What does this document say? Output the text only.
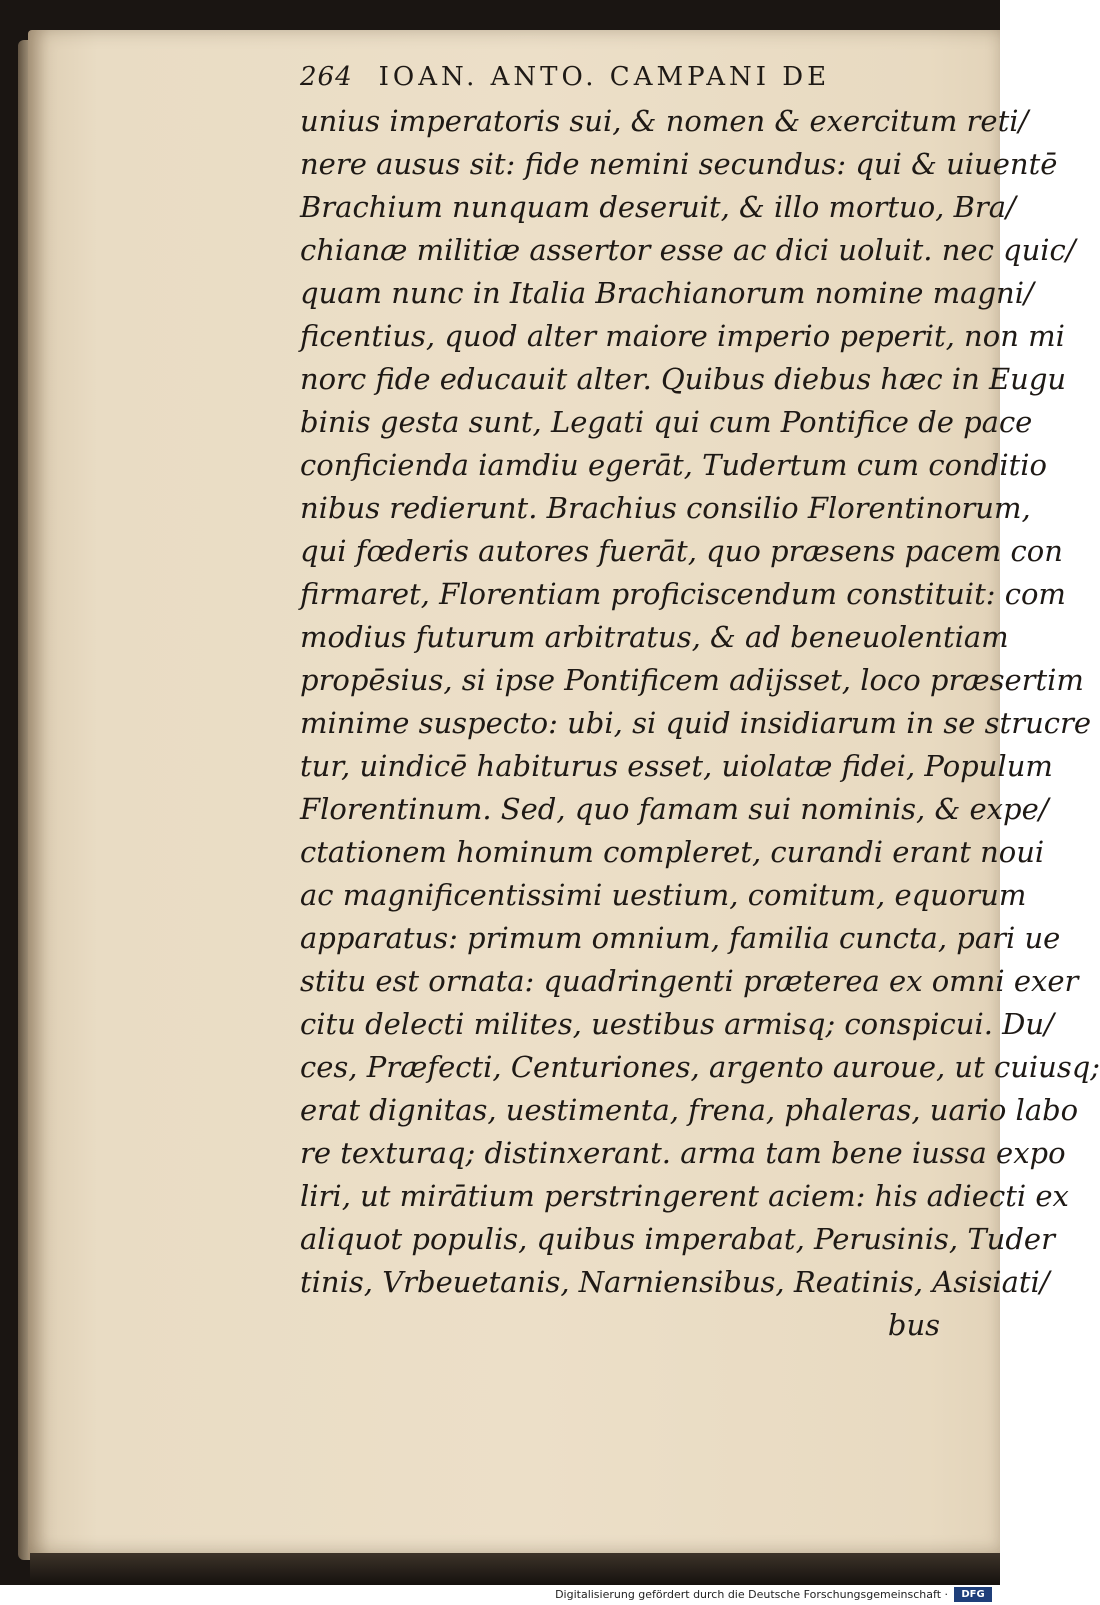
264 IOAN. ANTO. CAMPANI DE
unius imperatoris sui, & nomen & exercitum reti/
nere ausus sit: fide nemini secundus: qui & uiuentē
Brachium nunquam deseruit, & illo mortuo, Bra/
chianæ militiæ assertor esse ac dici uoluit. nec quic/
quam nunc in Italia Brachianorum nomine magni/
ficentius, quod alter maiore imperio peperit, non mi
norc fide educauit alter. Quibus diebus hæc in Eugu
binis gesta sunt, Legati qui cum Pontifice de pace
conficienda iamdiu egerāt, Tudertum cum conditio
nibus redierunt. Brachius consilio Florentinorum,
qui fœderis autores fuerāt, quo præsens pacem con
firmaret, Florentiam proficiscendum constituit: com
modius futurum arbitratus, & ad beneuolentiam
propēsius, si ipse Pontificem adijsset, loco præsertim
minime suspecto: ubi, si quid insidiarum in se strucre
tur, uindicē habiturus esset, uiolatæ fidei, Populum
Florentinum. Sed, quo famam sui nominis, & expe/
ctationem hominum compleret, curandi erant noui
ac magnificentissimi uestium, comitum, equorum
apparatus: primum omnium, familia cuncta, pari ue
stitu est ornata: quadringenti præterea ex omni exer
citu delecti milites, uestibus armisq; conspicui. Du/
ces, Præfecti, Centuriones, argento auroue, ut cuiusq;
erat dignitas, uestimenta, frena, phaleras, uario labo
re texturaq; distinxerant. arma tam bene iussa expo
liri, ut mirātium perstringerent aciem: his adiecti ex
aliquot populis, quibus imperabat, Perusinis, Tuder
tinis, Vrbeuetanis, Narniensibus, Reatinis, Asisiati/
bus
Digitalisierung gefördert durch die Deutsche Forschungsgemeinschaft ·	DFG
